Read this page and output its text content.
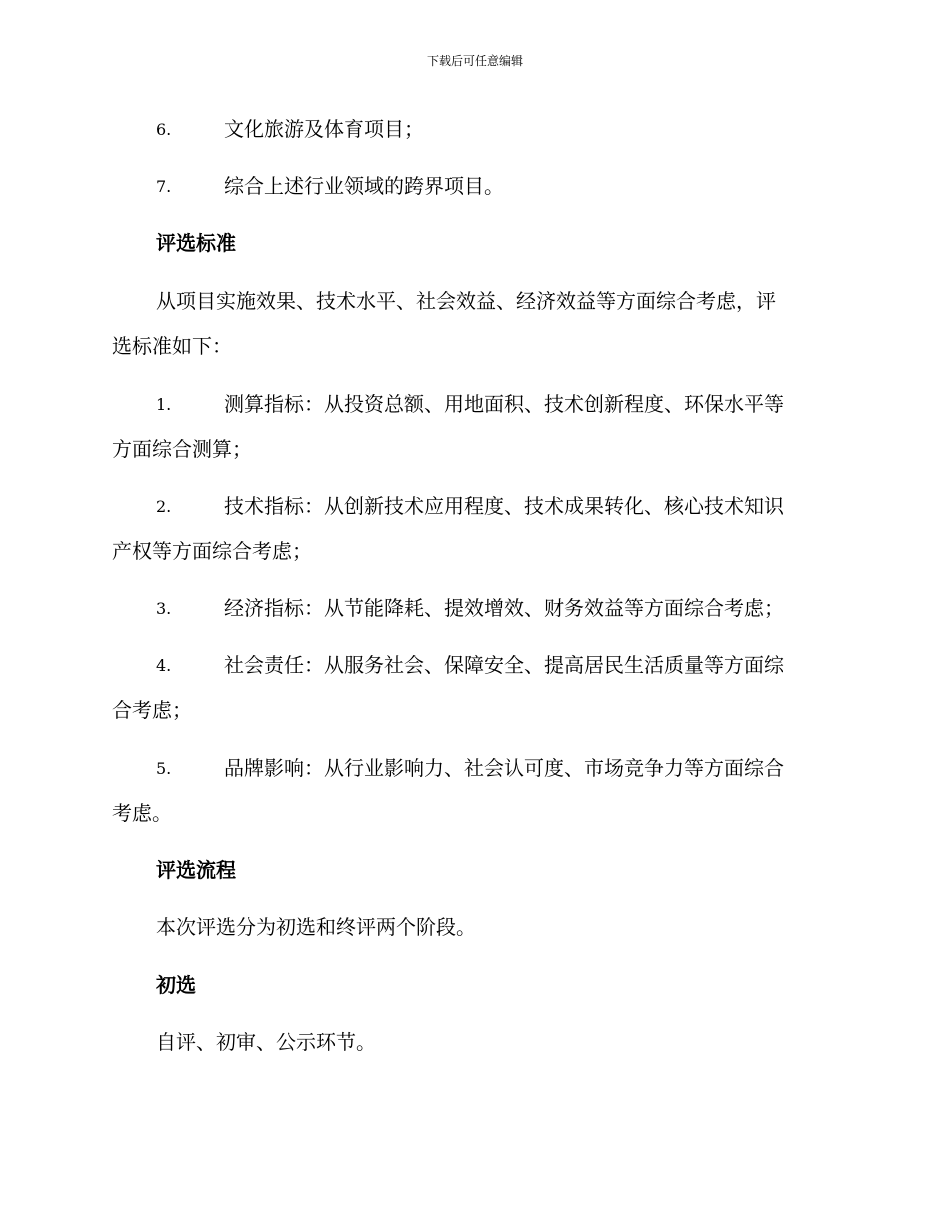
下载后可任意编辑
6.	文化旅游及体育项目；
7.	综合上述行业领域的跨界项目。
评选标准
从项目实施效果、技术水平、社会效益、经济效益等方面综合考虑，评
选标准如下：
1.	测算指标：从投资总额、用地面积、技术创新程度、环保水平等
方面综合测算；
2.	技术指标：从创新技术应用程度、技术成果转化、核心技术知识
产权等方面综合考虑；
3.	经济指标：从节能降耗、提效增效、财务效益等方面综合考虑；
4.	社会责任：从服务社会、保障安全、提高居民生活质量等方面综
合考虑；
5.	品牌影响：从行业影响力、社会认可度、市场竞争力等方面综合
考虑。
评选流程
本次评选分为初选和终评两个阶段。
初选
自评、初审、公示环节。
